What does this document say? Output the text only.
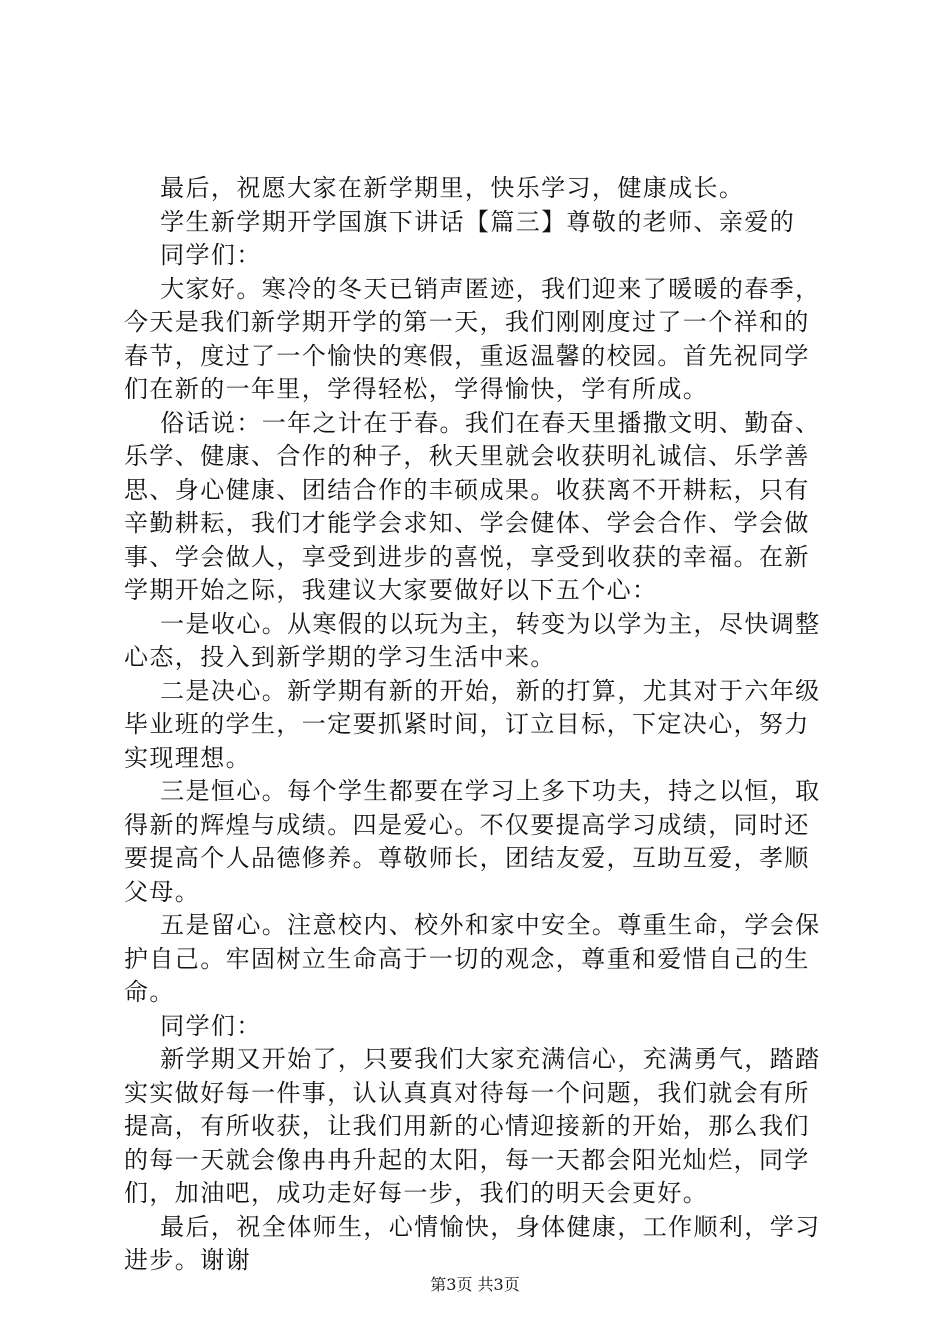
最后，祝愿大家在新学期里，快乐学习，健康成长。

学生新学期开学国旗下讲话【篇三】尊敬的老师、亲爱的

同学们：

大家好。寒冷的冬天已销声匿迹，我们迎来了暖暖的春季，今天是我们新学期开学的第一天，我们刚刚度过了一个祥和的春节，度过了一个愉快的寒假，重返温馨的校园。首先祝同学们在新的一年里，学得轻松，学得愉快，学有所成。

俗话说：一年之计在于春。我们在春天里播撒文明、勤奋、乐学、健康、合作的种子，秋天里就会收获明礼诚信、乐学善思、身心健康、团结合作的丰硕成果。收获离不开耕耘，只有辛勤耕耘，我们才能学会求知、学会健体、学会合作、学会做事、学会做人，享受到进步的喜悦，享受到收获的幸福。在新学期开始之际，我建议大家要做好以下五个心：

一是收心。从寒假的以玩为主，转变为以学为主，尽快调整心态，投入到新学期的学习生活中来。

二是决心。新学期有新的开始，新的打算，尤其对于六年级毕业班的学生，一定要抓紧时间，订立目标，下定决心，努力实现理想。

三是恒心。每个学生都要在学习上多下功夫，持之以恒，取得新的辉煌与成绩。四是爱心。不仅要提高学习成绩，同时还要提高个人品德修养。尊敬师长，团结友爱，互助互爱，孝顺父母。

五是留心。注意校内、校外和家中安全。尊重生命，学会保护自己。牢固树立生命高于一切的观念，尊重和爱惜自己的生命。

同学们：

新学期又开始了，只要我们大家充满信心，充满勇气，踏踏实实做好每一件事，认认真真对待每一个问题，我们就会有所提高，有所收获，让我们用新的心情迎接新的开始，那么我们的每一天就会像冉冉升起的太阳，每一天都会阳光灿烂，同学们，加油吧，成功走好每一步，我们的明天会更好。

最后，祝全体师生，心情愉快，身体健康，工作顺利，学习进步。谢谢

第3页 共3页
